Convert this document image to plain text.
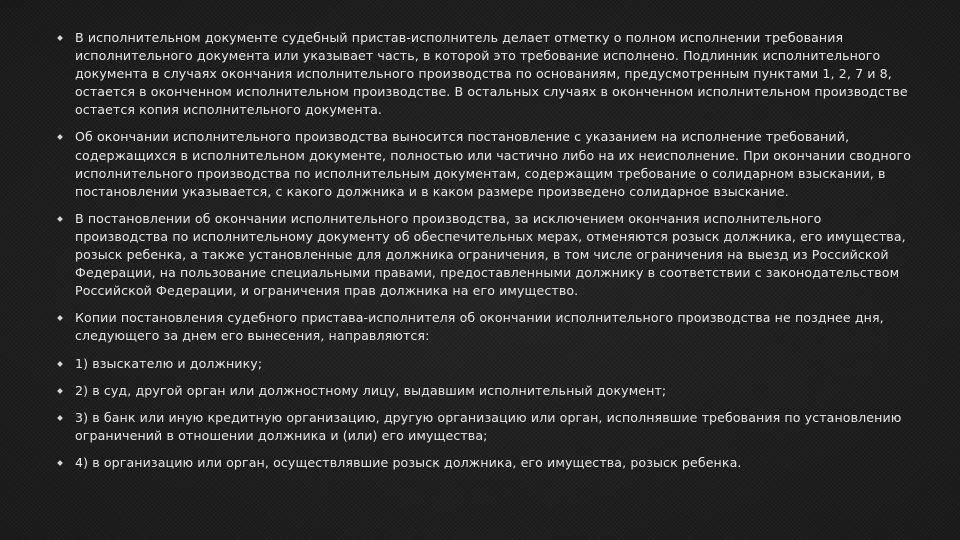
В исполнительном документе судебный пристав-исполнитель делает отметку о полном исполнении требования исполнительного документа или указывает часть, в которой это требование исполнено. Подлинник исполнительного документа в случаях окончания исполнительного производства по основаниям, предусмотренным пунктами 1, 2, 7 и 8, остается в оконченном исполнительном производстве. В остальных случаях в оконченном исполнительном производстве остается копия исполнительного документа.
Об окончании исполнительного производства выносится постановление с указанием на исполнение требований, содержащихся в исполнительном документе, полностью или частично либо на их неисполнение. При окончании сводного исполнительного производства по исполнительным документам, содержащим требование о солидарном взыскании, в постановлении указывается, с какого должника и в каком размере произведено солидарное взыскание.
В постановлении об окончании исполнительного производства, за исключением окончания исполнительного производства по исполнительному документу об обеспечительных мерах, отменяются розыск должника, его имущества, розыск ребенка, а также установленные для должника ограничения, в том числе ограничения на выезд из Российской Федерации, на пользование специальными правами, предоставленными должнику в соответствии с законодательством Российской Федерации, и ограничения прав должника на его имущество.
Копии постановления судебного пристава-исполнителя об окончании исполнительного производства не позднее дня, следующего за днем его вынесения, направляются:
1) взыскателю и должнику;
2) в суд, другой орган или должностному лицу, выдавшим исполнительный документ;
3) в банк или иную кредитную организацию, другую организацию или орган, исполнявшие требования по установлению ограничений в отношении должника и (или) его имущества;
4) в организацию или орган, осуществлявшие розыск должника, его имущества, розыск ребенка.
